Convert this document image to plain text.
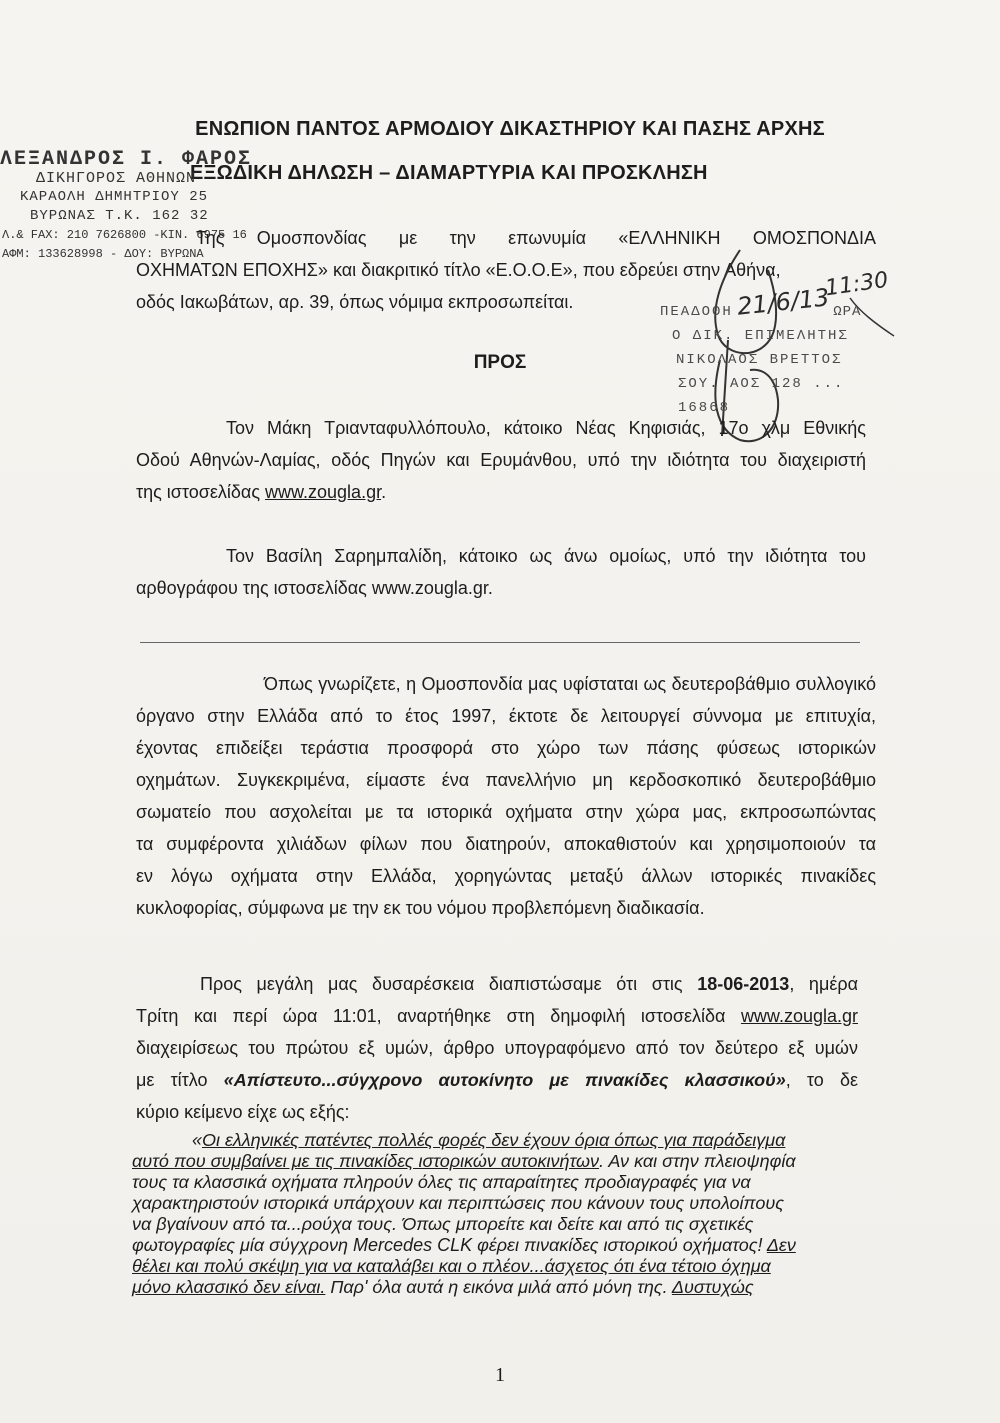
ΕΝΩΠΙΟΝ ΠΑΝΤΟΣ ΑΡΜΟΔΙΟΥ ΔΙΚΑΣΤΗΡΙΟΥ ΚΑΙ ΠΑΣΗΣ ΑΡΧΗΣ
ΕΞΩΔΙΚΗ ΔΗΛΩΣΗ – ΔΙΑΜΑΡΤΥΡΙΑ ΚΑΙ ΠΡΟΣΚΛΗΣΗ
ΛΕΞΑΝΔΡΟΣ Ι. ΦΑΡΟΣ
ΔΙΚΗΓΟΡΟΣ ΑΘΗΝΩΝ
ΚΑΡΑΟΛΗ ΔΗΜΗΤΡΙΟΥ 25
ΒΥΡΩΝΑΣ Τ.Κ. 162 32
Λ.& FAX: 210 7626800 -KIN. 6975 16
ΑΦΜ: 133628998 - ΔΟΥ: ΒΥΡΩΝΑ
Της Ομοσπονδίας με την επωνυμία «ΕΛΛΗΝΙΚΗ ΟΜΟΣΠΟΝΔΙΑ
ΟΧΗΜΑΤΩΝ ΕΠΟΧΗΣ» και διακριτικό τίτλο «Ε.Ο.Ο.Ε», που εδρεύει στην Αθήνα,
οδός Ιακωβάτων, αρ. 39, όπως νόμιμα εκπροσωπείται.	ΠΕΑΔΟΘΗ	ΩΡΑ
Ο ΔΙΚ. ΕΠΙΜΕΛΗΤΗΣ
ΝΙΚΟΛΑΟΣ ΒΡΕΤΤΟΣ
ΣΟΥ. ΑΟΣ 128 ... 16868
21/6/13
11:30
ΠΡΟΣ
Τον Μάκη Τριανταφυλλόπουλο, κάτοικο Νέας Κηφισιάς, 17ο χλμ Εθνικής
Οδού Αθηνών-Λαμίας, οδός Πηγών και Ερυμάνθου, υπό την ιδιότητα του διαχειριστή
της ιστοσελίδας www.zougla.gr.
Τον Βασίλη Σαρημπαλίδη, κάτοικο ως άνω ομοίως, υπό την ιδιότητα του
αρθογράφου της ιστοσελίδας www.zougla.gr.
Όπως γνωρίζετε, η Ομοσπονδία μας υφίσταται ως δευτεροβάθμιο συλλογικό
όργανο στην Ελλάδα από το έτος 1997, έκτοτε δε λειτουργεί σύννομα με επιτυχία,
έχοντας επιδείξει τεράστια προσφορά στο χώρο των πάσης φύσεως ιστορικών
οχημάτων. Συγκεκριμένα, είμαστε ένα πανελλήνιο μη κερδοσκοπικό δευτεροβάθμιο
σωματείο που ασχολείται με τα ιστορικά οχήματα στην χώρα μας, εκπροσωπώντας
τα συμφέροντα χιλιάδων φίλων που διατηρούν, αποκαθιστούν και χρησιμοποιούν τα
εν λόγω οχήματα στην Ελλάδα, χορηγώντας μεταξύ άλλων ιστορικές πινακίδες
κυκλοφορίας, σύμφωνα με την εκ του νόμου προβλεπόμενη διαδικασία.
Προς μεγάλη μας δυσαρέσκεια διαπιστώσαμε ότι στις 18-06-2013, ημέρα
Τρίτη και περί ώρα 11:01, αναρτήθηκε στη δημοφιλή ιστοσελίδα www.zougla.gr
διαχειρίσεως του πρώτου εξ υμών, άρθρο υπογραφόμενο από τον δεύτερο εξ υμών
με τίτλο «Απίστευτο...σύγχρονο αυτοκίνητο με πινακίδες κλασσικού», το δε
κύριο κείμενο είχε ως εξής:
«Οι ελληνικές πατέντες πολλές φορές δεν έχουν όρια όπως για παράδειγμα
αυτό που συμβαίνει με τις πινακίδες ιστορικών αυτοκινήτων. Αν και στην πλειοψηφία
τους τα κλασσικά οχήματα πληρούν όλες τις απαραίτητες προδιαγραφές για να
χαρακτηριστούν ιστορικά υπάρχουν και περιπτώσεις που κάνουν τους υπολοίπους
να βγαίνουν από τα...ρούχα τους. Όπως μπορείτε και δείτε και από τις σχετικές
φωτογραφίες μία σύγχρονη Mercedes CLK φέρει πινακίδες ιστορικού οχήματος! Δεν
θέλει και πολύ σκέψη για να καταλάβει και ο πλέον...άσχετος ότι ένα τέτοιο όχημα
μόνο κλασσικό δεν είναι. Παρ' όλα αυτά η εικόνα μιλά από μόνη της. Δυστυχώς
1
